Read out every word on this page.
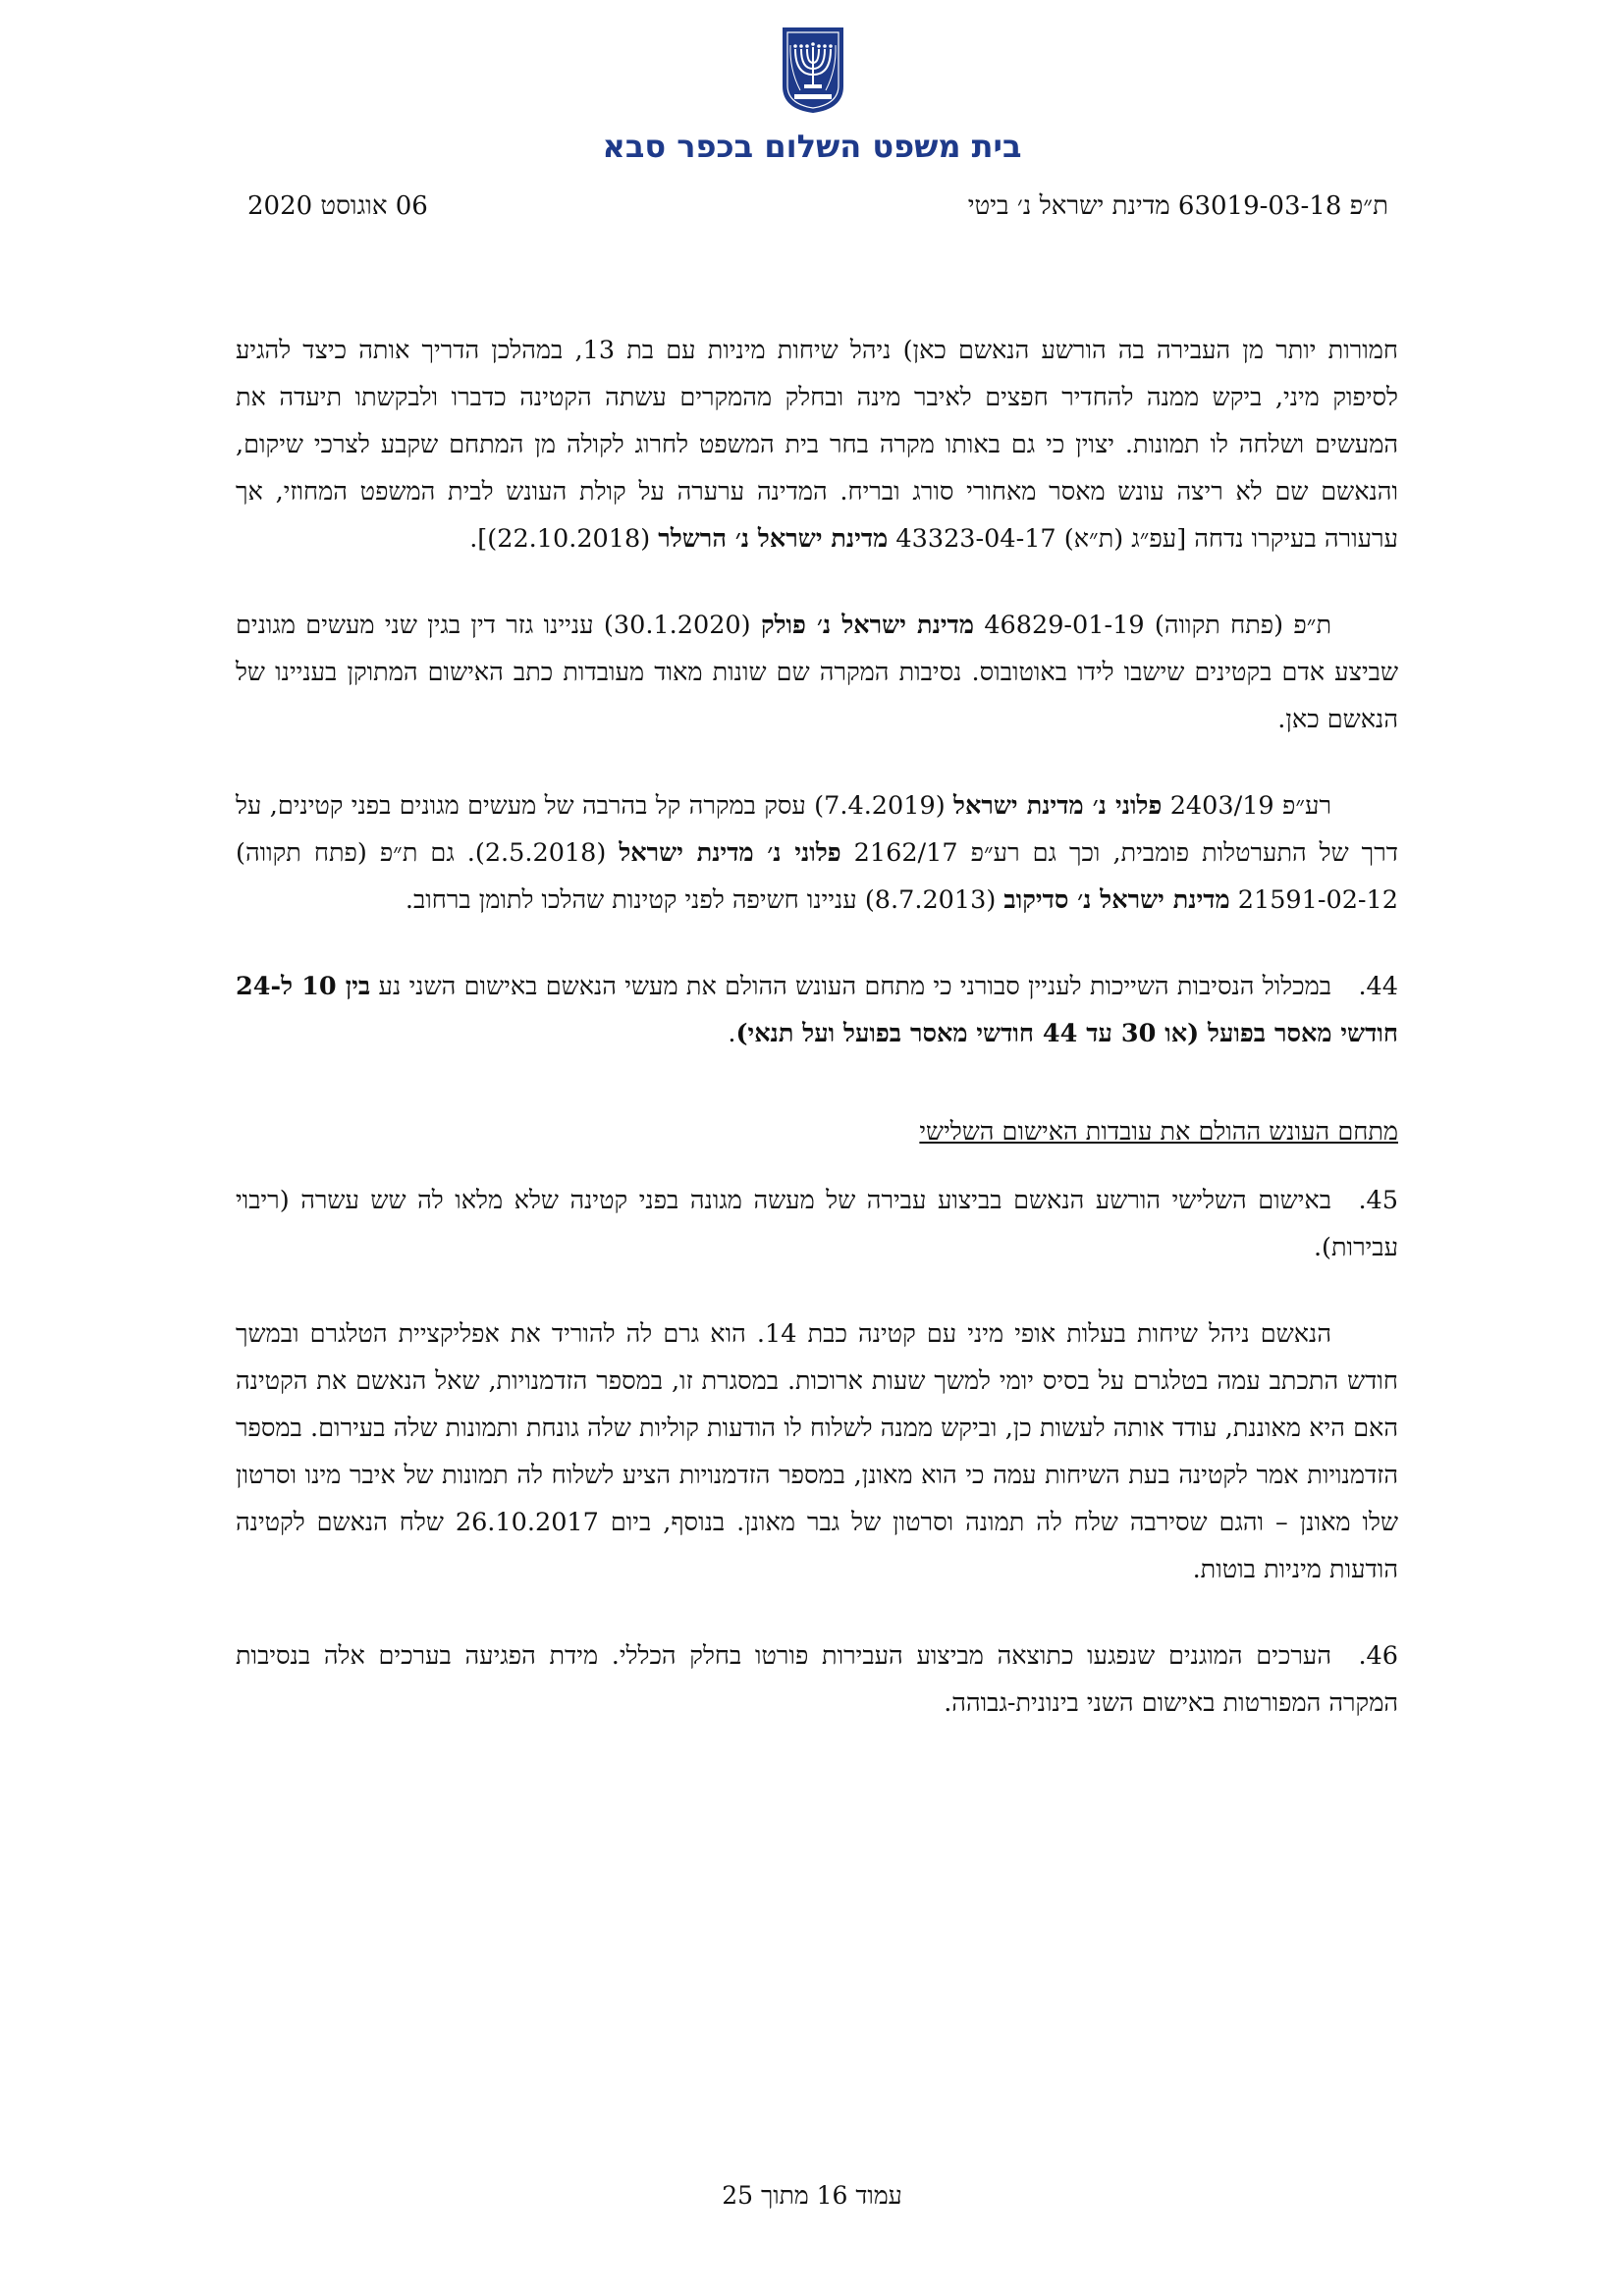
בית משפט השלום בכפר סבא
ת״פ 63019-03-18 מדינת ישראל נ׳ ביטי
06 אוגוסט 2020

חמורות יותר מן העבירה בה הורשע הנאשם כאן) ניהל שיחות מיניות עם בת 13, במהלכן הדריך אותה כיצד להגיע לסיפוק מיני, ביקש ממנה להחדיר חפצים לאיבר מינה ובחלק מהמקרים עשתה הקטינה כדברו ולבקשתו תיעדה את המעשים ושלחה לו תמונות. יצוין כי גם באותו מקרה בחר בית המשפט לחרוג לקולה מן המתחם שקבע לצרכי שיקום, והנאשם שם לא ריצה עונש מאסר מאחורי סורג ובריח. המדינה ערערה על קולת העונש לבית המשפט המחוזי, אך ערעורה בעיקרו נדחה [עפ״ג (ת״א) 43323-04-17 מדינת ישראל נ׳ הרשלר (22.10.2018)].

ת״פ (פתח תקווה) 46829-01-19 מדינת ישראל נ׳ פולק (30.1.2020) עניינו גזר דין בגין שני מעשים מגונים שביצע אדם בקטינים שישבו לידו באוטובוס. נסיבות המקרה שם שונות מאוד מעובדות כתב האישום המתוקן בעניינו של הנאשם כאן.

רע״פ 2403/19 פלוני נ׳ מדינת ישראל (7.4.2019) עסק במקרה קל בהרבה של מעשים מגונים בפני קטינים, על דרך של התערטלות פומבית, וכך גם רע״פ 2162/17 פלוני נ׳ מדינת ישראל (2.5.2018). גם ת״פ (פתח תקווה) 21591-02-12 מדינת ישראל נ׳ סדיקוב (8.7.2013) עניינו חשיפה לפני קטינות שהלכו לתומן ברחוב.

44.
במכלול הנסיבות השייכות לעניין סבורני כי מתחם העונש ההולם את מעשי הנאשם באישום השני נע בין 10 ל-24 חודשי מאסר בפועל (או 30 עד 44 חודשי מאסר בפועל ועל תנאי).

מתחם העונש ההולם את עובדות האישום השלישי

45.
באישום השלישי הורשע הנאשם בביצוע עבירה של מעשה מגונה בפני קטינה שלא מלאו לה שש עשרה (ריבוי עבירות).

הנאשם ניהל שיחות בעלות אופי מיני עם קטינה כבת 14. הוא גרם לה להוריד את אפליקציית הטלגרם ובמשך חודש התכתב עמה בטלגרם על בסיס יומי למשך שעות ארוכות. במסגרת זו, במספר הזדמנויות, שאל הנאשם את הקטינה האם היא מאוננת, עודד אותה לעשות כן, וביקש ממנה לשלוח לו הודעות קוליות שלה גונחת ותמונות שלה בעירום. במספר הזדמנויות אמר לקטינה בעת השיחות עמה כי הוא מאונן, במספר הזדמנויות הציע לשלוח לה תמונות של איבר מינו וסרטון שלו מאונן – והגם שסירבה שלח לה תמונה וסרטון של גבר מאונן. בנוסף, ביום 26.10.2017 שלח הנאשם לקטינה הודעות מיניות בוטות.

46.
הערכים המוגנים שנפגעו כתוצאה מביצוע העבירות פורטו בחלק הכללי. מידת הפגיעה בערכים אלה בנסיבות המקרה המפורטות באישום השני בינונית-גבוהה.

עמוד 16 מתוך 25
